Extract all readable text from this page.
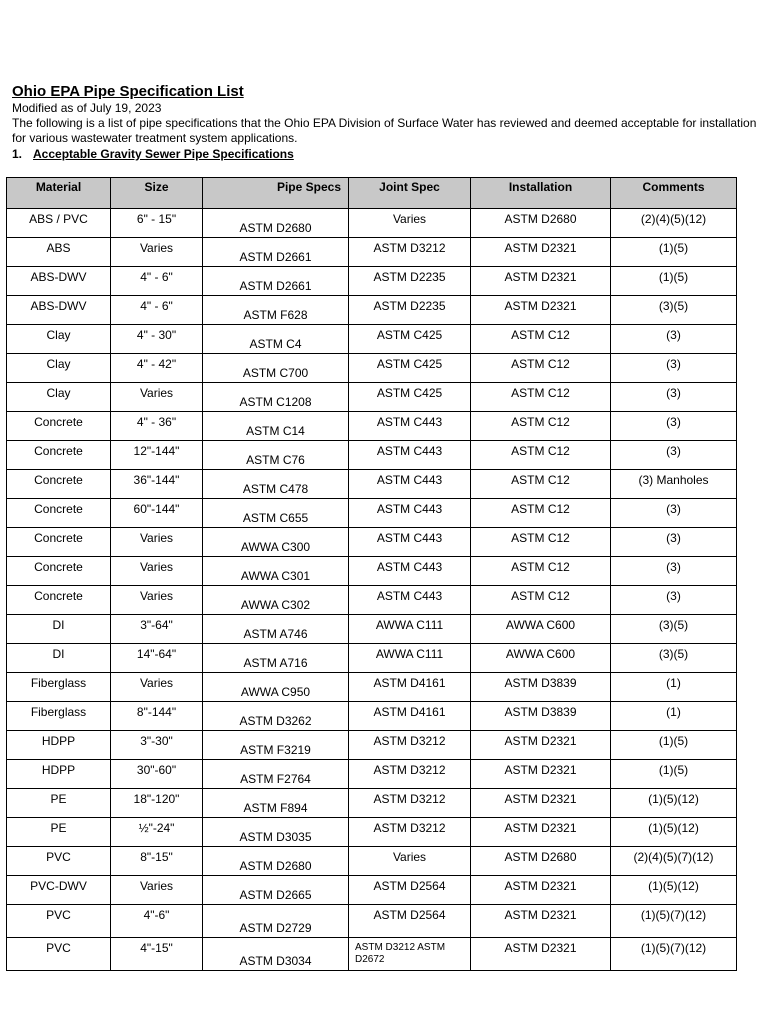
Ohio EPA Pipe Specification List
Modified as of July 19, 2023
The following is a list of pipe specifications that the Ohio EPA Division of Surface Water has reviewed and deemed acceptable for installation for various wastewater treatment system applications.
1. Acceptable Gravity Sewer Pipe Specifications
Material	Size	Pipe Specs	Joint Spec	Installation	Comments
ABS / PVC	6" - 15"	ASTM D2680	Varies	ASTM D2680	(2)(4)(5)(12)
ABS	Varies	ASTM D2661	ASTM D3212	ASTM D2321	(1)(5)
ABS-DWV	4" - 6"	ASTM D2661	ASTM D2235	ASTM D2321	(1)(5)
ABS-DWV	4" - 6"	ASTM F628	ASTM D2235	ASTM D2321	(3)(5)
Clay	4" - 30"	ASTM C4	ASTM C425	ASTM C12	(3)
Clay	4" - 42"	ASTM C700	ASTM C425	ASTM C12	(3)
Clay	Varies	ASTM C1208	ASTM C425	ASTM C12	(3)
Concrete	4" - 36"	ASTM C14	ASTM C443	ASTM C12	(3)
Concrete	12"-144"	ASTM C76	ASTM C443	ASTM C12	(3)
Concrete	36"-144"	ASTM C478	ASTM C443	ASTM C12	(3) Manholes
Concrete	60"-144"	ASTM C655	ASTM C443	ASTM C12	(3)
Concrete	Varies	AWWA C300	ASTM C443	ASTM C12	(3)
Concrete	Varies	AWWA C301	ASTM C443	ASTM C12	(3)
Concrete	Varies	AWWA C302	ASTM C443	ASTM C12	(3)
DI	3"-64"	ASTM A746	AWWA C111	AWWA C600	(3)(5)
DI	14"-64"	ASTM A716	AWWA C111	AWWA C600	(3)(5)
Fiberglass	Varies	AWWA C950	ASTM D4161	ASTM D3839	(1)
Fiberglass	8"-144"	ASTM D3262	ASTM D4161	ASTM D3839	(1)
HDPP	3"-30"	ASTM F3219	ASTM D3212	ASTM D2321	(1)(5)
HDPP	30"-60"	ASTM F2764	ASTM D3212	ASTM D2321	(1)(5)
PE	18"-120"	ASTM F894	ASTM D3212	ASTM D2321	(1)(5)(12)
PE	½"-24"	ASTM D3035	ASTM D3212	ASTM D2321	(1)(5)(12)
PVC	8"-15"	ASTM D2680	Varies	ASTM D2680	(2)(4)(5)(7)(12)
PVC-DWV	Varies	ASTM D2665	ASTM D2564	ASTM D2321	(1)(5)(12)
PVC	4"-6"	ASTM D2729	ASTM D2564	ASTM D2321	(1)(5)(7)(12)
PVC	4"-15"	ASTM D3034	ASTM D3212 ASTM D2672	ASTM D2321	(1)(5)(7)(12)
